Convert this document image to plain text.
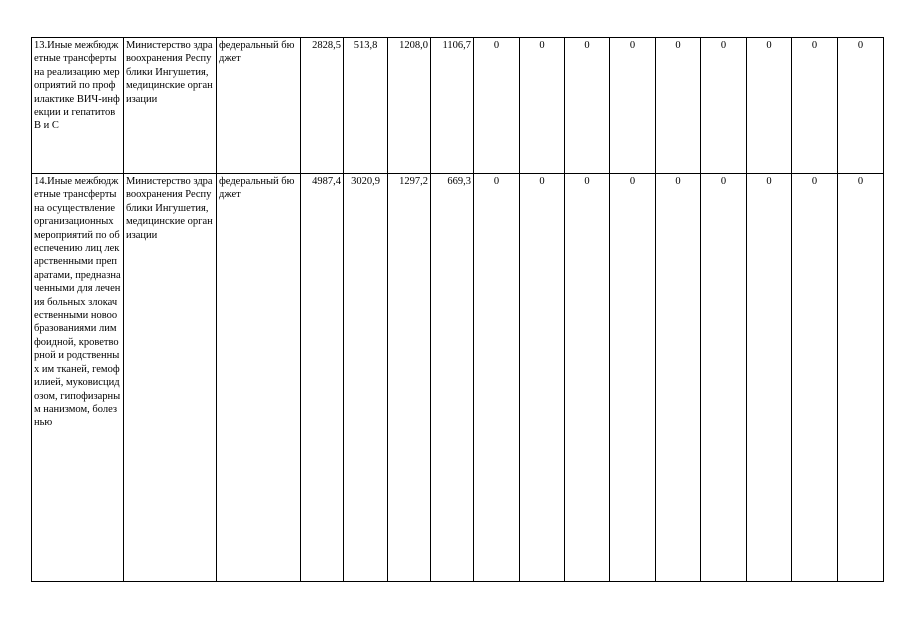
13.Иные межбюджетные трансферты на реализацию мероприятий по профилактике ВИЧ-инфекции и гепатитов В и С	Министерство здравоохранения Республики Ингушетия, медицинские организации	федеральный бюджет	2828,5	513,8	1208,0	1106,7	0	0	0	0	0	0	0	0	0
14.Иные межбюджетные трансферты на осуществление организационных мероприятий по обеспечению лиц лекарственными препаратами, предназначенными для лечения больных злокачественными новообразованиями лимфоидной, кроветворной и родственных им тканей, гемофилией, муковисцидозом, гипофизарным нанизмом, болезнью	Министерство здравоохранения Республики Ингушетия, медицинские организации	федеральный бюджет	4987,4	3020,9	1297,2	669,3	0	0	0	0	0	0	0	0	0
